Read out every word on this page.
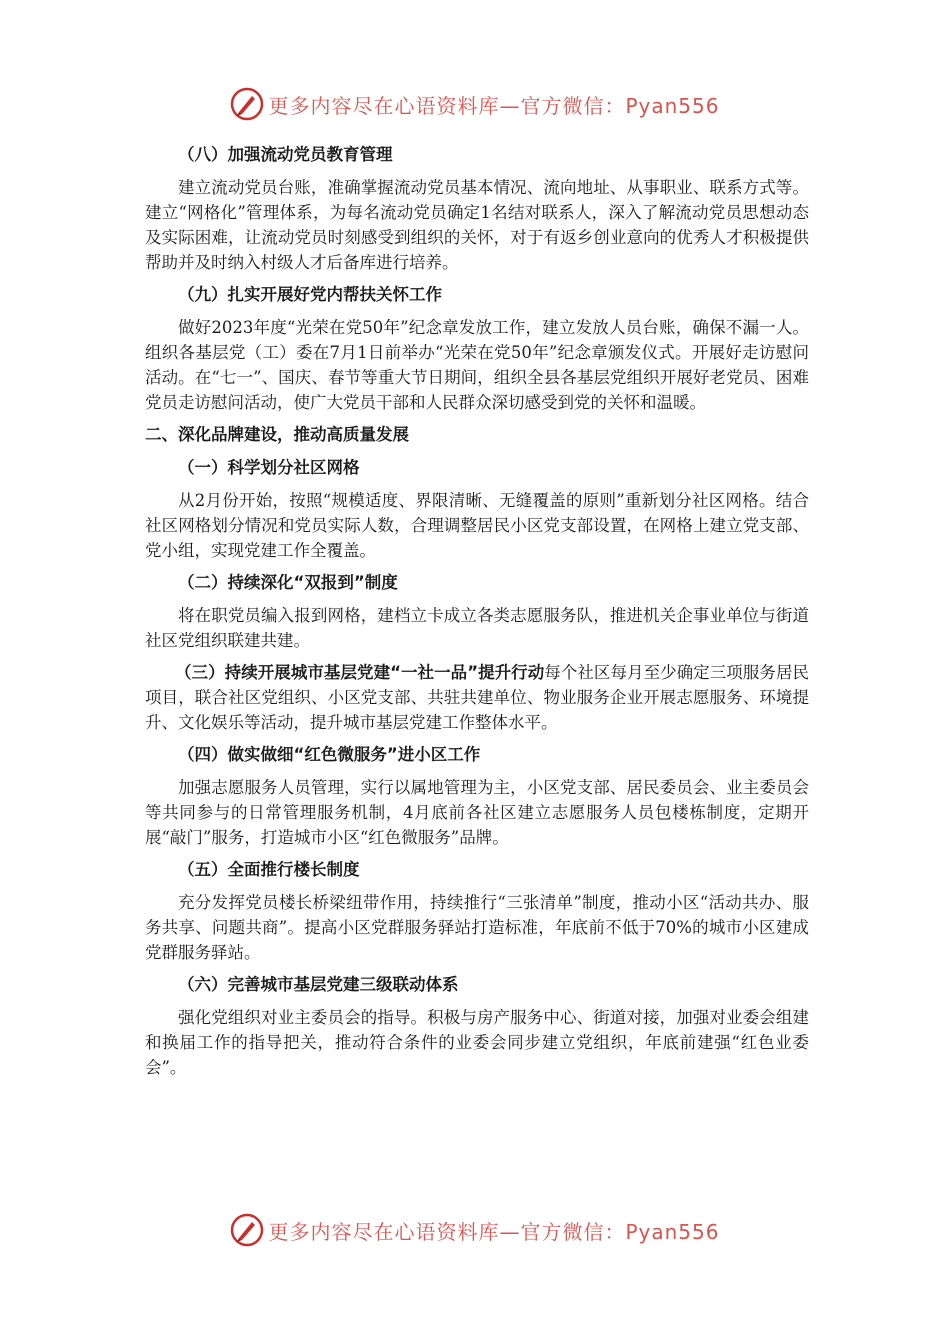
更多内容尽在心语资料库—官方微信：Pyan556
（八）加强流动党员教育管理
建立流动党员台账，准确掌握流动党员基本情况、流向地址、从事职业、联系方式等。建立“网格化”管理体系，为每名流动党员确定1名结对联系人，深入了解流动党员思想动态及实际困难，让流动党员时刻感受到组织的关怀，对于有返乡创业意向的优秀人才积极提供帮助并及时纳入村级人才后备库进行培养。
（九）扎实开展好党内帮扶关怀工作
做好2023年度“光荣在党50年”纪念章发放工作，建立发放人员台账，确保不漏一人。组织各基层党（工）委在7月1日前举办“光荣在党50年”纪念章颁发仪式。开展好走访慰问活动。在“七一”、国庆、春节等重大节日期间，组织全县各基层党组织开展好老党员、困难党员走访慰问活动，使广大党员干部和人民群众深切感受到党的关怀和温暖。
二、深化品牌建设，推动高质量发展
（一）科学划分社区网格
从2月份开始，按照“规模适度、界限清晰、无缝覆盖的原则”重新划分社区网格。结合社区网格划分情况和党员实际人数，合理调整居民小区党支部设置，在网格上建立党支部、党小组，实现党建工作全覆盖。
（二）持续深化“双报到”制度
将在职党员编入报到网格，建档立卡成立各类志愿服务队，推进机关企事业单位与街道社区党组织联建共建。
（三）持续开展城市基层党建“一社一品”提升行动每个社区每月至少确定三项服务居民项目，联合社区党组织、小区党支部、共驻共建单位、物业服务企业开展志愿服务、环境提升、文化娱乐等活动，提升城市基层党建工作整体水平。
（四）做实做细“红色微服务”进小区工作
加强志愿服务人员管理，实行以属地管理为主，小区党支部、居民委员会、业主委员会等共同参与的日常管理服务机制，4月底前各社区建立志愿服务人员包楼栋制度，定期开展“敲门”服务，打造城市小区“红色微服务”品牌。
（五）全面推行楼长制度
充分发挥党员楼长桥梁纽带作用，持续推行“三张清单”制度，推动小区“活动共办、服务共享、问题共商”。提高小区党群服务驿站打造标准，年底前不低于70%的城市小区建成党群服务驿站。
（六）完善城市基层党建三级联动体系
强化党组织对业主委员会的指导。积极与房产服务中心、街道对接，加强对业委会组建和换届工作的指导把关，推动符合条件的业委会同步建立党组织，年底前建强“红色业委会”。
更多内容尽在心语资料库—官方微信：Pyan556
